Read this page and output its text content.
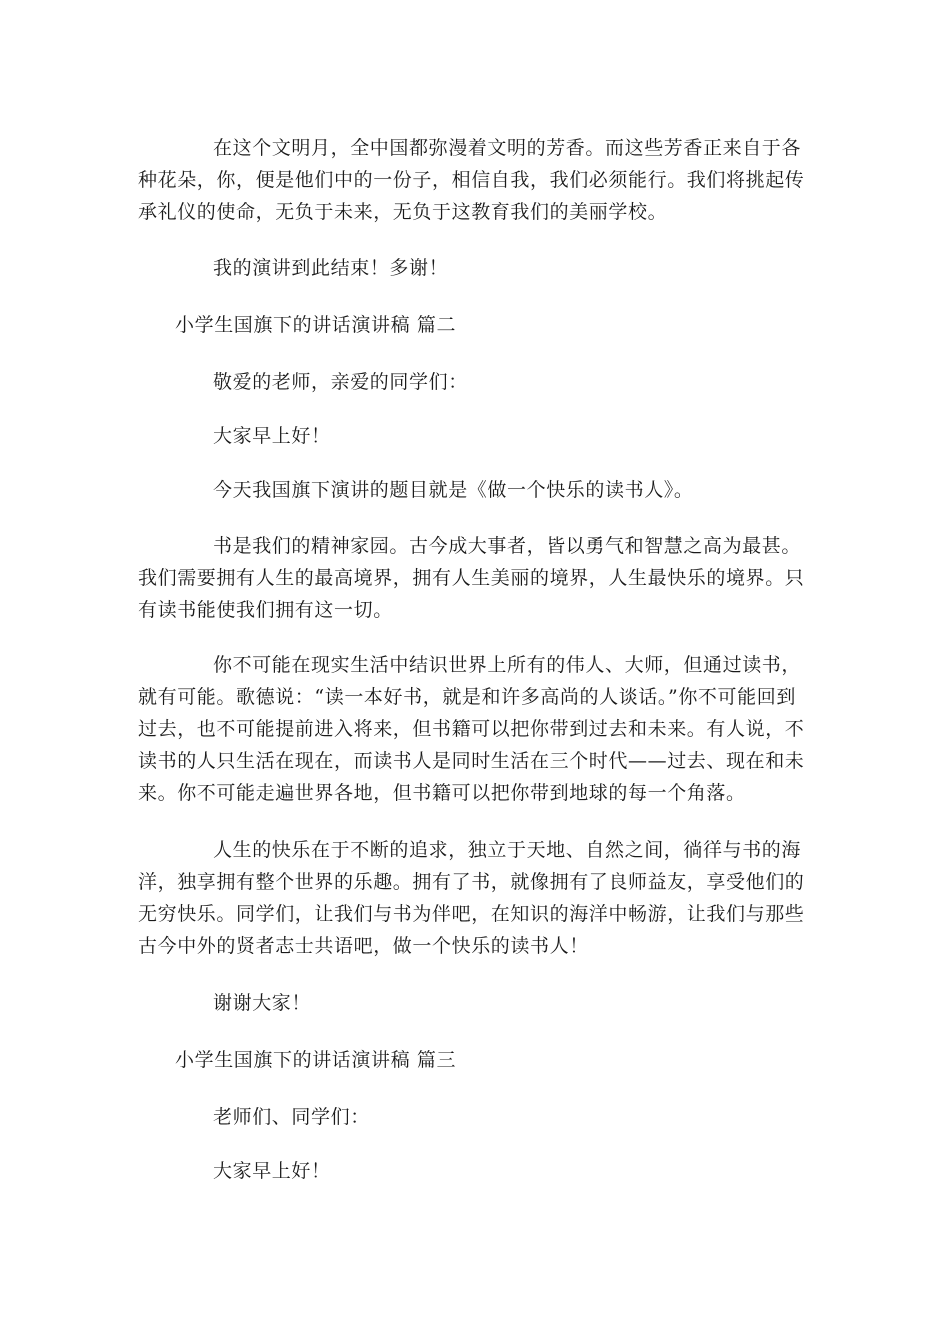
在这个文明月，全中国都弥漫着文明的芳香。而这些芳香正来自于各种花朵，你，便是他们中的一份子，相信自我，我们必须能行。我们将挑起传承礼仪的使命，无负于未来，无负于这教育我们的美丽学校。

我的演讲到此结束！多谢！

小学生国旗下的讲话演讲稿 篇二

敬爱的老师，亲爱的同学们：

大家早上好！

今天我国旗下演讲的题目就是《做一个快乐的读书人》。

书是我们的精神家园。古今成大事者，皆以勇气和智慧之高为最甚。我们需要拥有人生的最高境界，拥有人生美丽的境界，人生最快乐的境界。只有读书能使我们拥有这一切。

你不可能在现实生活中结识世界上所有的伟人、大师，但通过读书，就有可能。歌德说：“读一本好书，就是和许多高尚的人谈话。”你不可能回到过去，也不可能提前进入将来，但书籍可以把你带到过去和未来。有人说，不读书的人只生活在现在，而读书人是同时生活在三个时代——过去、现在和未来。你不可能走遍世界各地，但书籍可以把你带到地球的每一个角落。

人生的快乐在于不断的追求，独立于天地、自然之间，徜徉与书的海洋，独享拥有整个世界的乐趣。拥有了书，就像拥有了良师益友，享受他们的无穷快乐。同学们，让我们与书为伴吧，在知识的海洋中畅游，让我们与那些古今中外的贤者志士共语吧，做一个快乐的读书人！

谢谢大家！

小学生国旗下的讲话演讲稿 篇三

老师们、同学们：

大家早上好！
